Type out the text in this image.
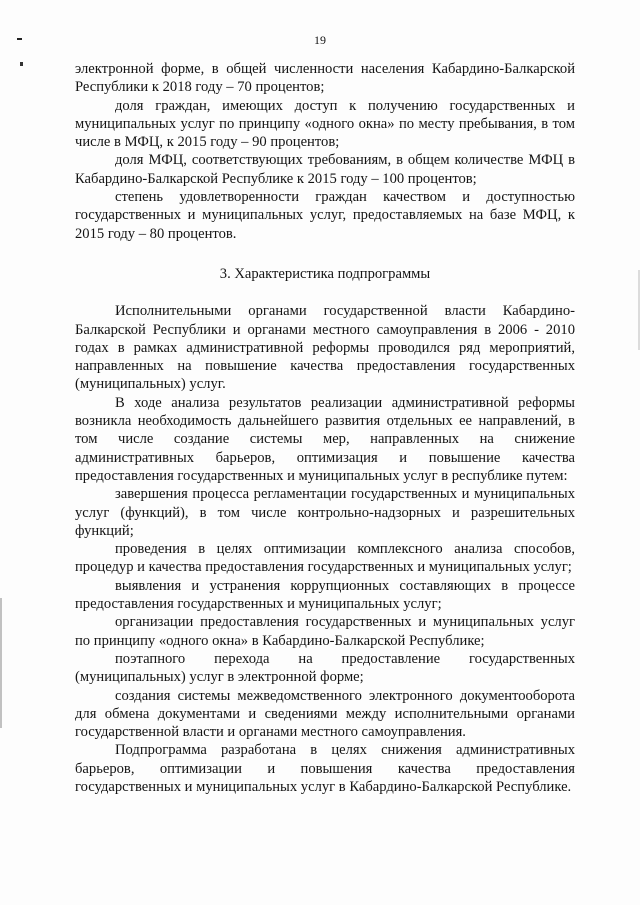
19

электронной форме, в общей численности населения Кабардино-Балкарской Республики к 2018 году – 70 процентов;

доля граждан, имеющих доступ к получению государственных и муниципальных услуг по принципу «одного окна» по месту пребывания, в том числе в МФЦ, к 2015 году – 90 процентов;

доля МФЦ, соответствующих требованиям, в общем количестве МФЦ в Кабардино-Балкарской Республике к 2015 году – 100 процентов;

степень удовлетворенности граждан качеством и доступностью государственных и муниципальных услуг, предоставляемых на базе МФЦ, к 2015 году – 80 процентов.

3. Характеристика подпрограммы

Исполнительными органами государственной власти Кабардино-Балкарской Республики и органами местного самоуправления в 2006 - 2010 годах в рамках административной реформы проводился ряд мероприятий, направленных на повышение качества предоставления государственных (муниципальных) услуг.

В ходе анализа результатов реализации административной реформы возникла необходимость дальнейшего развития отдельных ее направлений, в том числе создание системы мер, направленных на снижение административных барьеров, оптимизация и повышение качества предоставления государственных и муниципальных услуг в республике путем:

завершения процесса регламентации государственных и муниципальных услуг (функций), в том числе контрольно-надзорных и разрешительных функций;

проведения в целях оптимизации комплексного анализа способов, процедур и качества предоставления государственных и муниципальных услуг;

выявления и устранения коррупционных составляющих в процессе предоставления государственных и муниципальных услуг;

организации предоставления государственных и муниципальных услуг по принципу «одного окна» в Кабардино-Балкарской Республике;

поэтапного перехода на предоставление государственных (муниципальных) услуг в электронной форме;

создания системы межведомственного электронного документооборота для обмена документами и сведениями между исполнительными органами государственной власти и органами местного самоуправления.

Подпрограмма разработана в целях снижения административных барьеров, оптимизации и повышения качества предоставления государственных и муниципальных услуг в Кабардино-Балкарской Республике.
